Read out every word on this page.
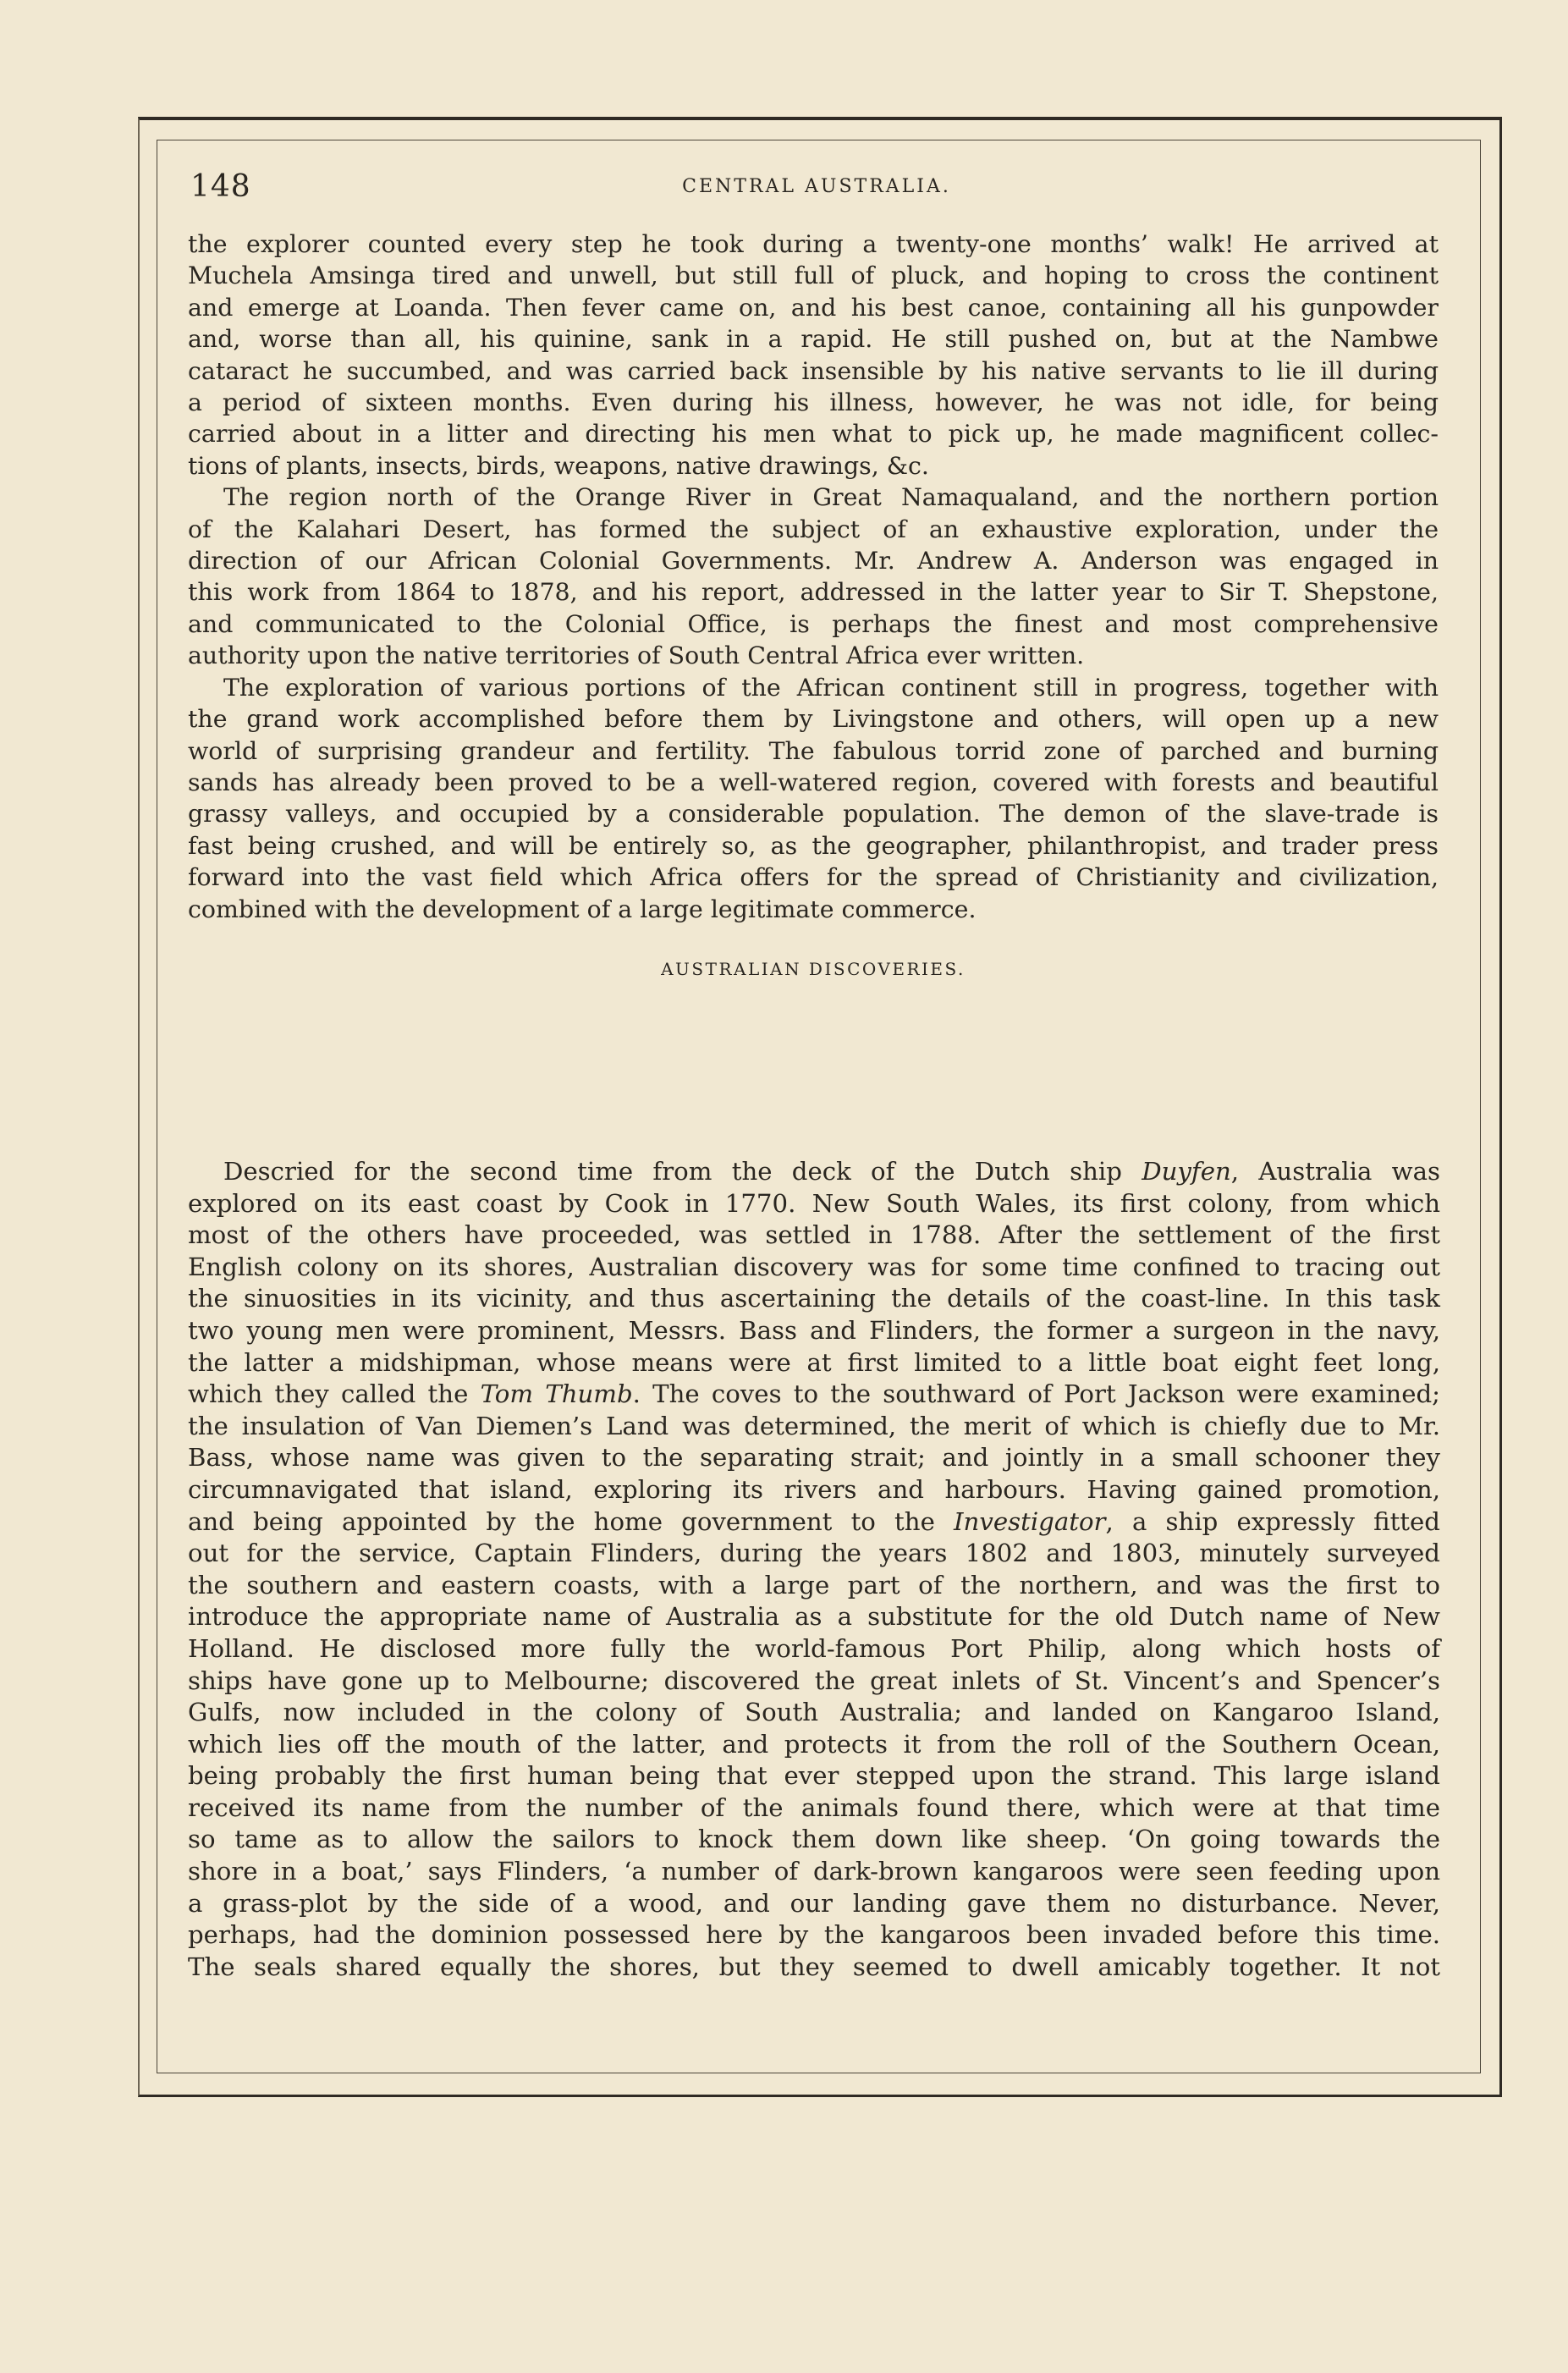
148	CENTRAL AUSTRALIA.

the explorer counted every step he took during a twenty-one months’ walk! He arrived at
Muchela Amsinga tired and unwell, but still full of pluck, and hoping to cross the continent
and emerge at Loanda. Then fever came on, and his best canoe, containing all his gunpowder
and, worse than all, his quinine, sank in a rapid. He still pushed on, but at the Nambwe
cataract he succumbed, and was carried back insensible by his native servants to lie ill during
a period of sixteen months. Even during his illness, however, he was not idle, for being
carried about in a litter and directing his men what to pick up, he made magnificent collec-
tions of plants, insects, birds, weapons, native drawings, &c.

The region north of the Orange River in Great Namaqualand, and the northern portion
of the Kalahari Desert, has formed the subject of an exhaustive exploration, under the
direction of our African Colonial Governments. Mr. Andrew A. Anderson was engaged in
this work from 1864 to 1878, and his report, addressed in the latter year to Sir T. Shepstone,
and communicated to the Colonial Office, is perhaps the finest and most comprehensive
authority upon the native territories of South Central Africa ever written.

The exploration of various portions of the African continent still in progress, together with
the grand work accomplished before them by Livingstone and others, will open up a new
world of surprising grandeur and fertility. The fabulous torrid zone of parched and burning
sands has already been proved to be a well-watered region, covered with forests and beautiful
grassy valleys, and occupied by a considerable population. The demon of the slave-trade is
fast being crushed, and will be entirely so, as the geographer, philanthropist, and trader press
forward into the vast field which Africa offers for the spread of Christianity and civilization,
combined with the development of a large legitimate commerce.

AUSTRALIAN DISCOVERIES.

Descried for the second time from the deck of the Dutch ship Duyfen, Australia was
explored on its east coast by Cook in 1770. New South Wales, its first colony, from which
most of the others have proceeded, was settled in 1788. After the settlement of the first
English colony on its shores, Australian discovery was for some time confined to tracing out
the sinuosities in its vicinity, and thus ascertaining the details of the coast-line. In this task
two young men were prominent, Messrs. Bass and Flinders, the former a surgeon in the navy,
the latter a midshipman, whose means were at first limited to a little boat eight feet long,
which they called the Tom Thumb. The coves to the southward of Port Jackson were examined;
the insulation of Van Diemen’s Land was determined, the merit of which is chiefly due to Mr.
Bass, whose name was given to the separating strait; and jointly in a small schooner they
circumnavigated that island, exploring its rivers and harbours. Having gained promotion,
and being appointed by the home government to the Investigator, a ship expressly fitted
out for the service, Captain Flinders, during the years 1802 and 1803, minutely surveyed
the southern and eastern coasts, with a large part of the northern, and was the first to
introduce the appropriate name of Australia as a substitute for the old Dutch name of New
Holland. He disclosed more fully the world-famous Port Philip, along which hosts of
ships have gone up to Melbourne; discovered the great inlets of St. Vincent’s and Spencer’s
Gulfs, now included in the colony of South Australia; and landed on Kangaroo Island,
which lies off the mouth of the latter, and protects it from the roll of the Southern Ocean,
being probably the first human being that ever stepped upon the strand. This large island
received its name from the number of the animals found there, which were at that time
so tame as to allow the sailors to knock them down like sheep. ‘On going towards the
shore in a boat,’ says Flinders, ‘a number of dark-brown kangaroos were seen feeding upon
a grass-plot by the side of a wood, and our landing gave them no disturbance. Never,
perhaps, had the dominion possessed here by the kangaroos been invaded before this time.
The seals shared equally the shores, but they seemed to dwell amicably together. It not
